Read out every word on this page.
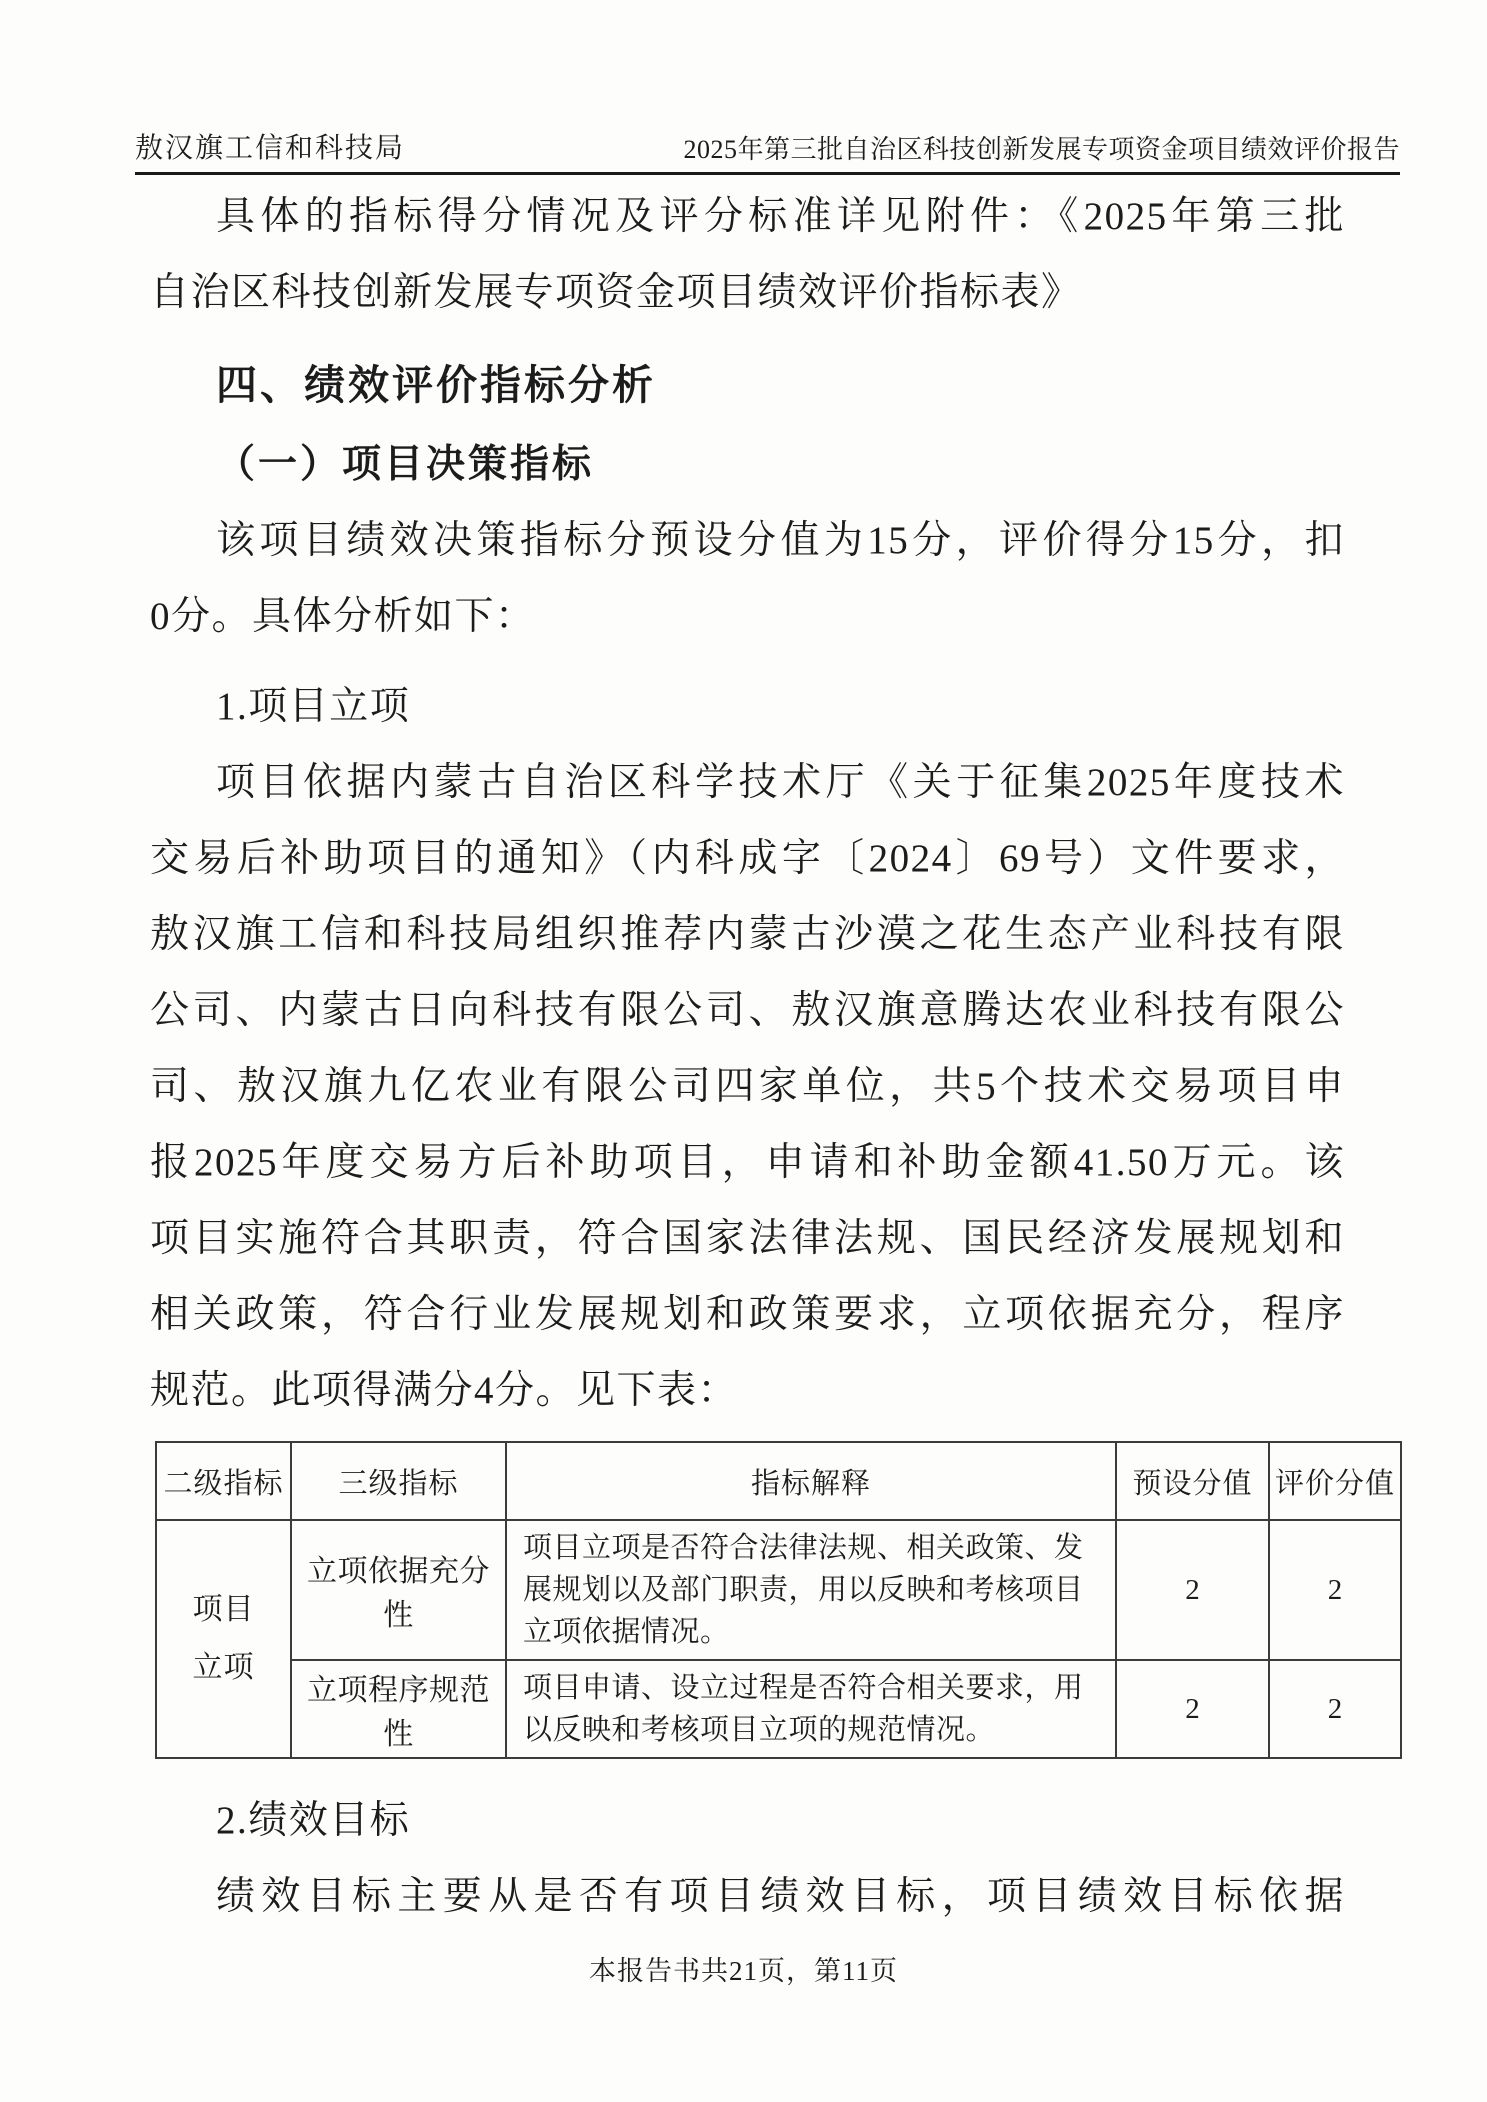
敖汉旗工信和科技局	2025年第三批自治区科技创新发展专项资金项目绩效评价报告
具体的指标得分情况及评分标准详见附件：《2025年第三批
自治区科技创新发展专项资金项目绩效评价指标表》
四、绩效评价指标分析
（一）项目决策指标
该项目绩效决策指标分预设分值为15分，评价得分15分，扣
0分。具体分析如下：
1.项目立项
项目依据内蒙古自治区科学技术厅《关于征集2025年度技术
交易后补助项目的通知》（内科成字〔2024〕69号）文件要求，
敖汉旗工信和科技局组织推荐内蒙古沙漠之花生态产业科技有限
公司、内蒙古日向科技有限公司、敖汉旗意腾达农业科技有限公
司、敖汉旗九亿农业有限公司四家单位，共5个技术交易项目申
报2025年度交易方后补助项目，申请和补助金额41.50万元。该
项目实施符合其职责，符合国家法律法规、国民经济发展规划和
相关政策，符合行业发展规划和政策要求，立项依据充分，程序
规范。此项得满分4分。见下表：
二级指标	三级指标	指标解释	预设分值	评价分值
项目立项	立项依据充分性	项目立项是否符合法律法规、相关政策、发展规划以及部门职责，用以反映和考核项目立项依据情况。	2	2
	立项程序规范性	项目申请、设立过程是否符合相关要求，用以反映和考核项目立项的规范情况。	2	2
2.绩效目标
绩效目标主要从是否有项目绩效目标，项目绩效目标依据
本报告书共21页，第11页
